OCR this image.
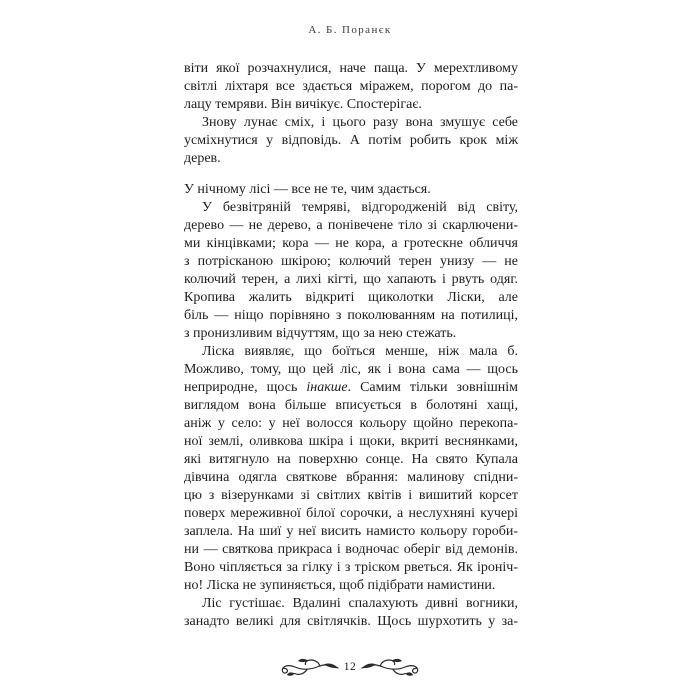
А. Б. Поранєк
віти якої розчахнулися, наче паща. У мерехтливому
світлі ліхтаря все здається міражем, порогом до па-
лацу темряви. Він вичікує. Спостерігає.
Знову лунає сміх, і цього разу вона змушує себе
усміхнутися у відповідь. А потім робить крок між
дерев.
У нічному лісі — все не те, чим здається.
У безвітряній темряві, відгородженій від світу,
дерево — не дерево, а понівечене тіло зі скарлючени-
ми кінцівками; кора — не кора, а гротескне обличчя
з потрісканою шкірою; колючий терен унизу — не
колючий терен, а лихі кігті, що хапають і рвуть одяг.
Кропива жалить відкриті щиколотки Ліски, але
біль — ніщо порівняно з поколюванням на потилиці,
з пронизливим відчуттям, що за нею стежать.
Ліска виявляє, що боїться менше, ніж мала б.
Можливо, тому, що цей ліс, як і вона сама — щось
неприродне, щось інакше. Самим тільки зовнішнім
виглядом вона більше вписується в болотяні хащі,
аніж у село: у неї волосся кольору щойно перекопа-
ної землі, оливкова шкіра і щоки, вкриті веснянками,
які витягнуло на поверхню сонце. На свято Купала
дівчина одягла святкове вбрання: малинову спідни-
цю з візерунками зі світлих квітів і вишитий корсет
поверх мереживної білої сорочки, а неслухняні кучері
заплела. На шиї у неї висить намисто кольору гороби-
ни — святкова прикраса і водночас оберіг від демонів.
Воно чіпляється за гілку і з тріском рветься. Як іроніч-
но! Ліска не зупиняється, щоб підібрати намистини.
Ліс густішає. Вдалині спалахують дивні вогники,
занадто великі для світлячків. Щось шурхотить у за-
12
